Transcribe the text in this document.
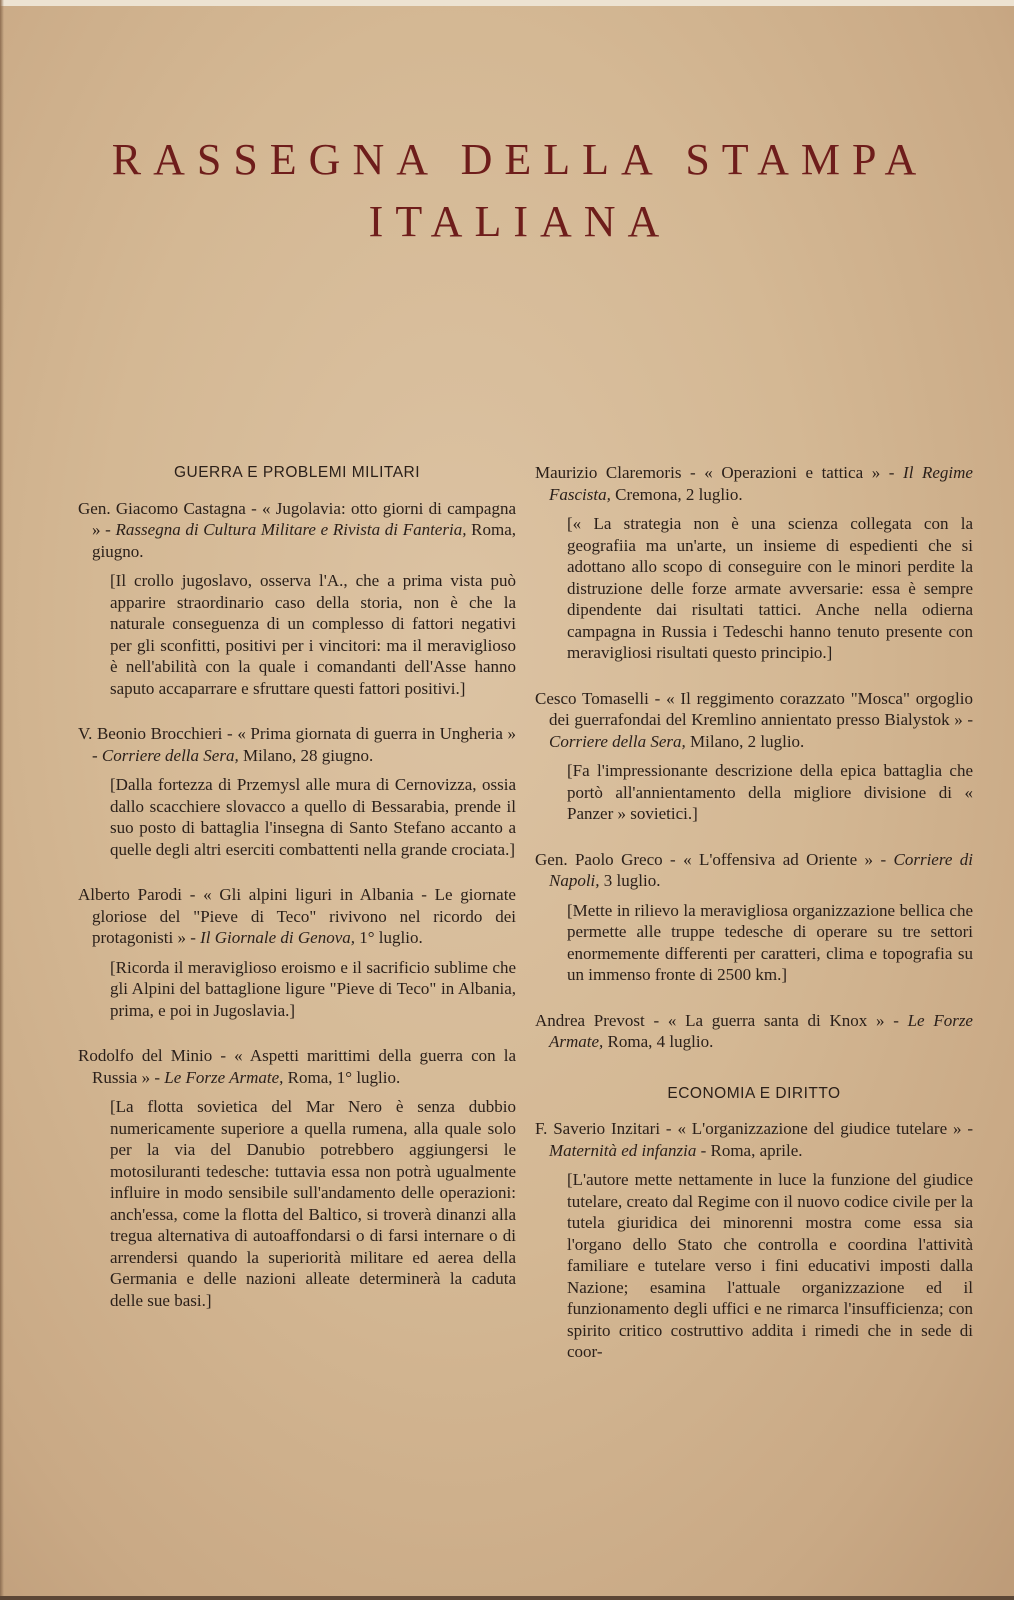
RASSEGNA DELLA STAMPA
ITALIANA
GUERRA E PROBLEMI MILITARI
Gen. Giacomo Castagna - « Jugolavia: otto giorni di campagna » - Rassegna di Cultura Militare e Rivista di Fanteria, Roma, giugno.
[Il crollo jugoslavo, osserva l'A., che a prima vista può apparire straordinario caso della storia, non è che la naturale conseguenza di un complesso di fattori negativi per gli sconfitti, positivi per i vincitori: ma il meraviglioso è nell'abilità con la quale i comandanti dell'Asse hanno saputo accaparrare e sfruttare questi fattori positivi.]
V. Beonio Brocchieri - « Prima giornata di guerra in Ungheria » - Corriere della Sera, Milano, 28 giugno.
[Dalla fortezza di Przemysl alle mura di Cernovizza, ossia dallo scacchiere slovacco a quello di Bessarabia, prende il suo posto di battaglia l'insegna di Santo Stefano accanto a quelle degli altri eserciti combattenti nella grande crociata.]
Alberto Parodi - « Gli alpini liguri in Albania - Le giornate gloriose del "Pieve di Teco" rivivono nel ricordo dei protagonisti » - Il Giornale di Genova, 1° luglio.
[Ricorda il meraviglioso eroismo e il sacrificio sublime che gli Alpini del battaglione ligure "Pieve di Teco" in Albania, prima, e poi in Jugoslavia.]
Rodolfo del Minio - « Aspetti marittimi della guerra con la Russia » - Le Forze Armate, Roma, 1° luglio.
[La flotta sovietica del Mar Nero è senza dubbio numericamente superiore a quella rumena, alla quale solo per la via del Danubio potrebbero aggiungersi le motosiluranti tedesche: tuttavia essa non potrà ugualmente influire in modo sensibile sull'andamento delle operazioni: anch'essa, come la flotta del Baltico, si troverà dinanzi alla tregua alternativa di autoaffondarsi o di farsi internare o di arrendersi quando la superiorità militare ed aerea della Germania e delle nazioni alleate determinerà la caduta delle sue basi.]
Maurizio Claremoris - « Operazioni e tattica » - Il Regime Fascista, Cremona, 2 luglio.
[« La strategia non è una scienza collegata con la geografiia ma un'arte, un insieme di espedienti che si adottano allo scopo di conseguire con le minori perdite la distruzione delle forze armate avversarie: essa è sempre dipendente dai risultati tattici. Anche nella odierna campagna in Russia i Tedeschi hanno tenuto presente con meravigliosi risultati questo principio.]
Cesco Tomaselli - « Il reggimento corazzato "Mosca" orgoglio dei guerrafondai del Kremlino annientato presso Bialystok » - Corriere della Sera, Milano, 2 luglio.
[Fa l'impressionante descrizione della epica battaglia che portò all'annientamento della migliore divisione di « Panzer » sovietici.]
Gen. Paolo Greco - « L'offensiva ad Oriente » - Corriere di Napoli, 3 luglio.
[Mette in rilievo la meravigliosa organizzazione bellica che permette alle truppe tedesche di operare su tre settori enormemente differenti per caratteri, clima e topografia su un immenso fronte di 2500 km.]
Andrea Prevost - « La guerra santa di Knox » - Le Forze Armate, Roma, 4 luglio.
ECONOMIA E DIRITTO
F. Saverio Inzitari - « L'organizzazione del giudice tutelare » - Maternità ed infanzia - Roma, aprile.
[L'autore mette nettamente in luce la funzione del giudice tutelare, creato dal Regime con il nuovo codice civile per la tutela giuridica dei minorenni mostra come essa sia l'organo dello Stato che controlla e coordina l'attività familiare e tutelare verso i fini educativi imposti dalla Nazione; esamina l'attuale organizzazione ed il funzionamento degli uffici e ne rimarca l'insufficienza; con spirito critico costruttivo addita i rimedi che in sede di coor-
